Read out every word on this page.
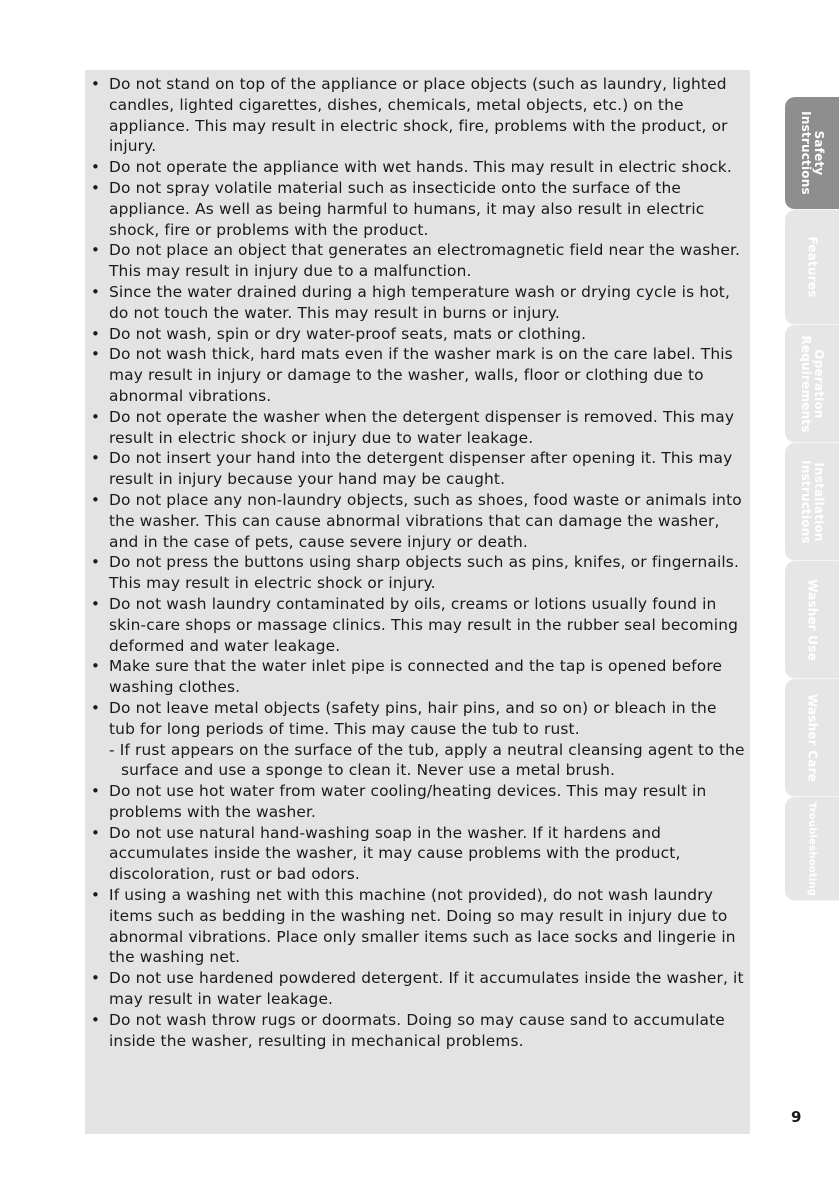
• Do not stand on top of the appliance or place objects (such as laundry, lighted candles, lighted cigarettes, dishes, chemicals, metal objects, etc.) on the appliance. This may result in electric shock, fire, problems with the product, or injury.
• Do not operate the appliance with wet hands. This may result in electric shock.
• Do not spray volatile material such as insecticide onto the surface of the appliance. As well as being harmful to humans, it may also result in electric shock, fire or problems with the product.
• Do not place an object that generates an electromagnetic field near the washer. This may result in injury due to a malfunction.
• Since the water drained during a high temperature wash or drying cycle is hot, do not touch the water. This may result in burns or injury.
• Do not wash, spin or dry water-proof seats, mats or clothing.
• Do not wash thick, hard mats even if the washer mark is on the care label. This may result in injury or damage to the washer, walls, floor or clothing due to abnormal vibrations.
• Do not operate the washer when the detergent dispenser is removed. This may result in electric shock or injury due to water leakage.
• Do not insert your hand into the detergent dispenser after opening it. This may result in injury because your hand may be caught.
• Do not place any non-laundry objects, such as shoes, food waste or animals into the washer. This can cause abnormal vibrations that can damage the washer, and in the case of pets, cause severe injury or death.
• Do not press the buttons using sharp objects such as pins, knifes, or fingernails. This may result in electric shock or injury.
• Do not wash laundry contaminated by oils, creams or lotions usually found in skin-care shops or massage clinics. This may result in the rubber seal becoming deformed and water leakage.
• Make sure that the water inlet pipe is connected and the tap is opened before washing clothes.
• Do not leave metal objects (safety pins, hair pins, and so on) or bleach in the tub for long periods of time. This may cause the tub to rust.
- If rust appears on the surface of the tub, apply a neutral cleansing agent to the surface and use a sponge to clean it. Never use a metal brush.
• Do not use hot water from water cooling/heating devices. This may result in problems with the washer.
• Do not use natural hand-washing soap in the washer. If it hardens and accumulates inside the washer, it may cause problems with the product, discoloration, rust or bad odors.
• If using a washing net with this machine (not provided), do not wash laundry items such as bedding in the washing net. Doing so may result in injury due to abnormal vibrations. Place only smaller items such as lace socks and lingerie in the washing net.
• Do not use hardened powdered detergent. If it accumulates inside the washer, it may result in water leakage.
• Do not wash throw rugs or doormats. Doing so may cause sand to accumulate inside the washer, resulting in mechanical problems.
Safety
Instructions
Features
Operation
Requirements
Installation
Instructions
Washer Use
Washer Care
Troubleshooting
9
